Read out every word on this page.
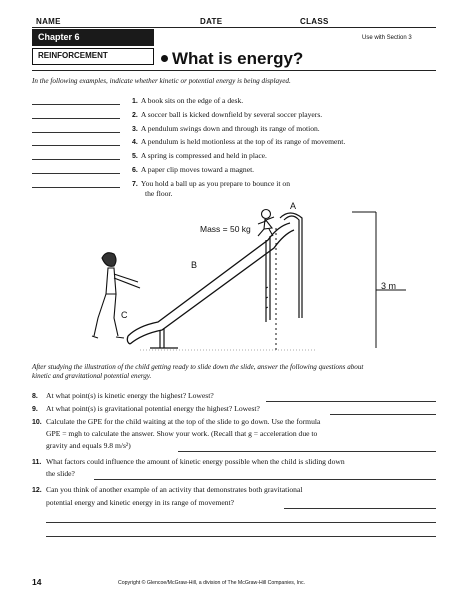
NAME	DATE	CLASS
Chapter 6
REINFORCEMENT
Use with Section 3
What is energy?
In the following examples, indicate whether kinetic or potential energy is being displayed.
1. A book sits on the edge of a desk.
2. A soccer ball is kicked downfield by several soccer players.
3. A pendulum swings down and through its range of motion.
4. A pendulum is held motionless at the top of its range of movement.
5. A spring is compressed and held in place.
6. A paper clip moves toward a magnet.
7. You hold a ball up as you prepare to bounce it on
the floor.
A
Mass = 50 kg
B
3 m
C
After studying the illustration of the child getting ready to slide down the slide, answer the following questions about
kinetic and gravitational potential energy.
8. At what point(s) is kinetic energy the highest? Lowest?
9. At what point(s) is gravitational potential energy the highest? Lowest?
10. Calculate the GPE for the child waiting at the top of the slide to go down. Use the formula
GPE = mgh to calculate the answer. Show your work. (Recall that g = acceleration due to
gravity and equals 9.8 m/s²)
11. What factors could influence the amount of kinetic energy possible when the child is sliding down
the slide?
12. Can you think of another example of an activity that demonstrates both gravitational
potential energy and kinetic energy in its range of movement?
14	Copyright © Glencoe/McGraw-Hill, a division of The McGraw-Hill Companies, Inc.
